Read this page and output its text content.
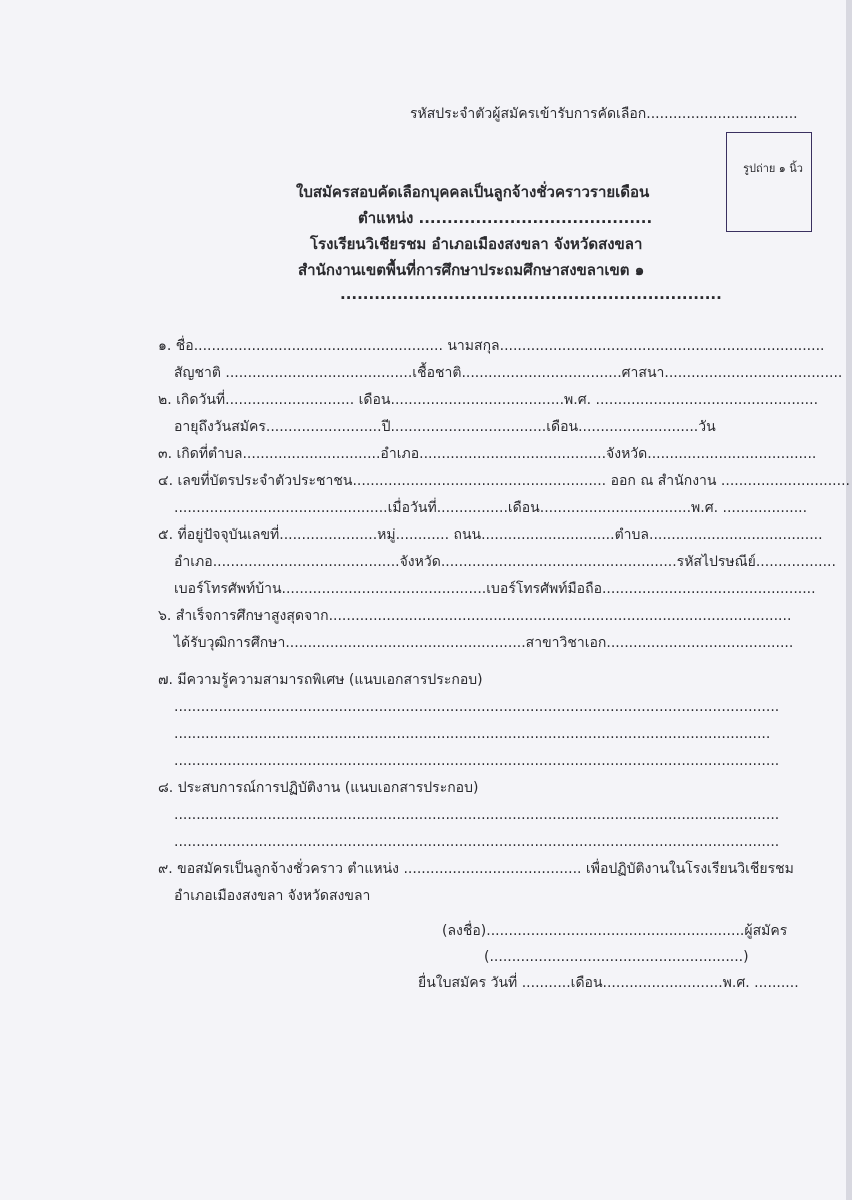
รหัสประจำตัวผู้สมัครเข้ารับการคัดเลือก..................................
รูปถ่าย ๑ นิ้ว
ใบสมัครสอบคัดเลือกบุคคลเป็นลูกจ้างชั่วคราวรายเดือน
ตำแหน่ง .........................................
โรงเรียนวิเชียรชม อำเภอเมืองสงขลา จังหวัดสงขลา
สำนักงานเขตพื้นที่การศึกษาประถมศึกษาสงขลาเขต ๑
...................................................................
๑. ชื่อ........................................................ นามสกุล.........................................................................
สัญชาติ ..........................................เชื้อชาติ....................................ศาสนา........................................
๒. เกิดวันที่............................. เดือน.......................................พ.ศ. ..................................................
อายุถึงวันสมัคร..........................ปี...................................เดือน...........................วัน
๓. เกิดที่ตำบล...............................อำเภอ..........................................จังหวัด......................................
๔. เลขที่บัตรประจำตัวประชาชน......................................................... ออก ณ สำนักงาน .............................
................................................เมื่อวันที่................เดือน..................................พ.ศ. ...................
๕. ที่อยู่ปัจจุบันเลขที่......................หมู่............ ถนน..............................ตำบล.......................................
อำเภอ..........................................จังหวัด.....................................................รหัสไปรษณีย์..................
เบอร์โทรศัพท์บ้าน..............................................เบอร์โทรศัพท์มือถือ................................................
๖. สำเร็จการศึกษาสูงสุดจาก........................................................................................................
ได้รับวุฒิการศึกษา......................................................สาขาวิชาเอก..........................................
๗. มีความรู้ความสามารถพิเศษ (แนบเอกสารประกอบ)
........................................................................................................................................
......................................................................................................................................
........................................................................................................................................
๘. ประสบการณ์การปฏิบัติงาน (แนบเอกสารประกอบ)
........................................................................................................................................
........................................................................................................................................
๙. ขอสมัครเป็นลูกจ้างชั่วคราว ตำแหน่ง ........................................ เพื่อปฏิบัติงานในโรงเรียนวิเชียรชม
อำเภอเมืองสงขลา จังหวัดสงขลา
(ลงชื่อ)..........................................................ผู้สมัคร
(.........................................................)
ยื่นใบสมัคร วันที่ ...........เดือน...........................พ.ศ. ..........
